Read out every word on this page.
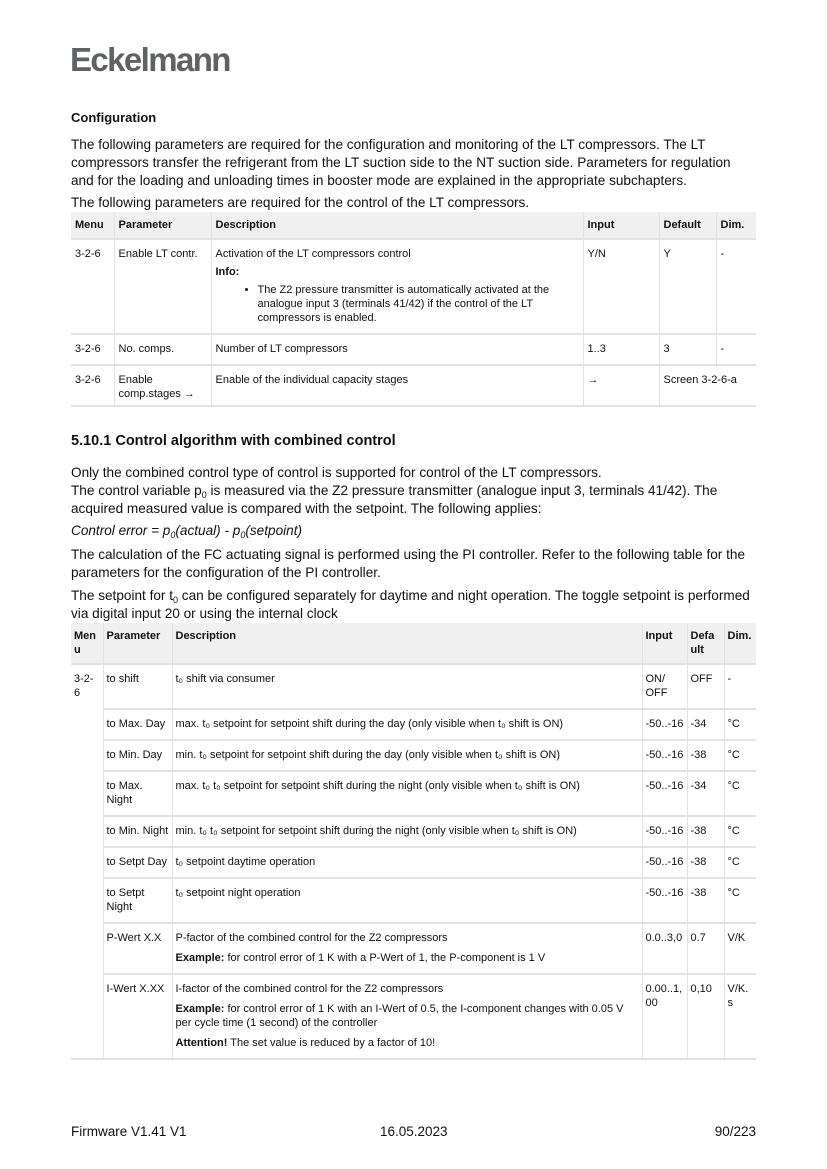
Eckelmann
Configuration

The following parameters are required for the configuration and monitoring of the LT compressors. The LT compressors transfer the refrigerant from the LT suction side to the NT suction side. Parameters for regulation and for the loading and unloading times in booster mode are explained in the appropriate subchapters.

The following parameters are required for the control of the LT compressors.

Menu	Parameter	Description	Input	Default	Dim.
3-2-6	Enable LT contr.	Activation of the LT compressors control
Info:
• The Z2 pressure transmitter is automatically activated at the analogue input 3 (terminals 41/42) if the control of the LT compressors is enabled.
	Y/N	Y	-
3-2-6	No. comps.	Number of LT compressors	1..3	3	-
3-2-6	Enable comp.stages →	Enable of the individual capacity stages	→	Screen 3-2-6-a	
5.10.1 Control algorithm with combined control

Only the combined control type of control is supported for control of the LT compressors.

The control variable $p_0$ is measured via the Z2 pressure transmitter (analogue input 3, terminals 41/42). The acquired measured value is compared with the setpoint. The following applies:

Control error = $p_0(actual)$ - $p_0(setpoint)$

The calculation of the FC actuating signal is performed using the PI controller. Refer to the following table for the parameters for the configuration of the PI controller.

The setpoint for $t_0$ can be configured separately for daytime and night operation. The toggle setpoint is performed via digital input 20 or using the internal clock

Menu	Parameter	Description	Input	Default	Dim.
3-2-6	to shift	t₀ shift via consumer	ON/ OFF	OFF	-
	to Max. Day	max. t₀ setpoint for setpoint shift during the day (only visible when t₀ shift is ON)	-50..-16	-34	°C
	to Min. Day	min. t₀ setpoint for setpoint shift during the day (only visible when t₀ shift is ON)	-50..-16	-38	°C
	to Max. Night	max. t₀ t₀ setpoint for setpoint shift during the night (only visible when t₀ shift is ON)	-50..-16	-34	°C
	to Min. Night	min. t₀ t₀ setpoint for setpoint shift during the night (only visible when t₀ shift is ON)	-50..-16	-38	°C
	to Setpt Day	t₀ setpoint daytime operation	-50..-16	-38	°C
	to Setpt Night	t₀ setpoint night operation	-50..-16	-38	°C
	P-Wert X.X	P-factor of the combined control for the Z2 compressors
Example: for control error of 1 K with a P-Wert of 1, the P-component is 1 V	0.0..3,0	0.7	V/K
	I-Wert X.XX	I-factor of the combined control for the Z2 compressors
Example: for control error of 1 K with an I-Wert of 0.5, the I-component changes with 0.05 V per cycle time (1 second) of the controller
Attention! The set value is reduced by a factor of 10!	0.00..1,00	0,10	V/K.s
Firmware V1.41 V1	16.05.2023	90/223
